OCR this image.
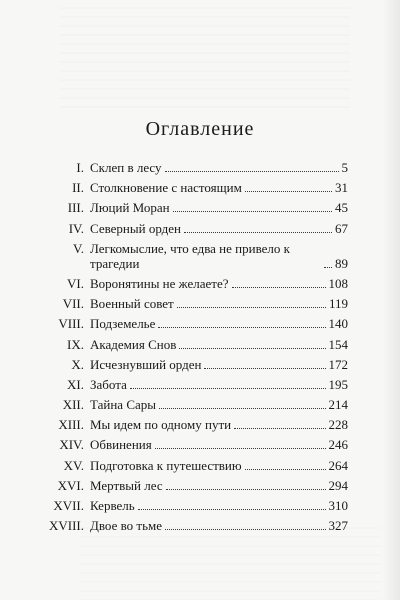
Оглавление
I. Склеп в лесу	5
II. Столкновение с настоящим	31
III. Люций Моран	45
IV. Северный орден	67
V. Легкомыслие, что едва не привело к трагедии	89
VI. Воронятины не желаете?	108
VII. Военный совет	119
VIII. Подземелье	140
IX. Академия Снов	154
X. Исчезнувший орден	172
XI. Забота	195
XII. Тайна Сары	214
XIII. Мы идем по одному пути	228
XIV. Обвинения	246
XV. Подготовка к путешествию	264
XVI. Мертвый лес	294
XVII. Кервель	310
XVIII. Двое во тьме	327
